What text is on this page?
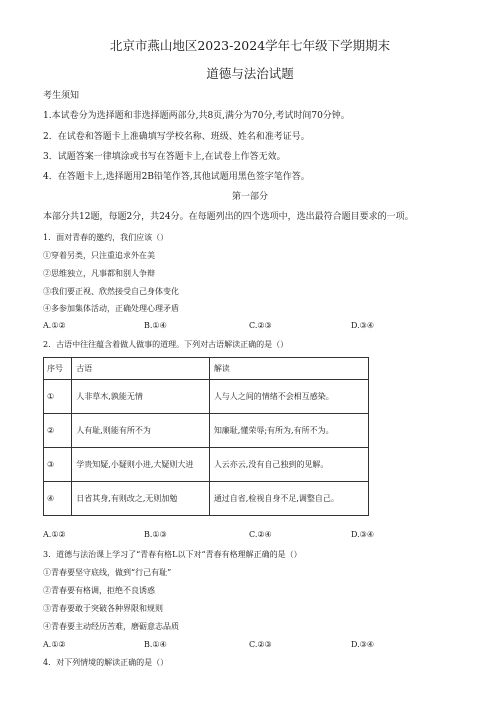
北京市燕山地区2023-2024学年七年级下学期期末
道德与法治试题
考生须知
1.本试卷分为选择题和非选择题两部分,共8页,满分为70分,考试时间70分钟。
2．在试卷和答题卡上准确填写学校名称、班级、姓名和准考证号。
3．试题答案一律填涂或书写在答题卡上,在试卷上作答无效。
4．在答题卡上,选择题用2B铅笔作答,其他试题用黑色签字笔作答。
第一部分
本部分共12题，每题2分，共24分。在每题列出的四个选项中，选出最符合题目要求的一项。
1．面对青春的邀约，我们应该（）
①穿着另类，只注重追求外在美
②思维独立，凡事都和别人争辩
③我们要正视、欣然接受自己身体变化
④多参加集体活动，正确处理心理矛盾
A.①②	B.①④	C.②③	D.③④
2．古语中往往蕴含着做人做事的道理。下列对古语解读正确的是（）
序号	古语	解读
①	人非草木,孰能无情	人与人之间的情绪不会相互感染。
②	人有耻,则能有所不为	知廉耻,懂荣辱;有所为,有所不为。
③	学贵知疑,小疑则小进,大疑则大进	人云亦云,没有自己独到的见解。
④	日省其身,有则改之,无则加勉	通过自省,检视自身不足,调整自己。
A.①②	B.①③	C.②④	D.③④
3．道德与法治课上学习了“青春有格L以下对“青春有格理解正确的是（）
①青春要坚守底线，做到“行己有耻”
②青春要有格调，拒绝不良诱惑
③青春要敢于突破各种界限和规则
④青春要主动经历苦难，磨砺意志品质
A.①②	B.①④	C.②③	D.③④
4．对下列情境的解读正确的是（）
